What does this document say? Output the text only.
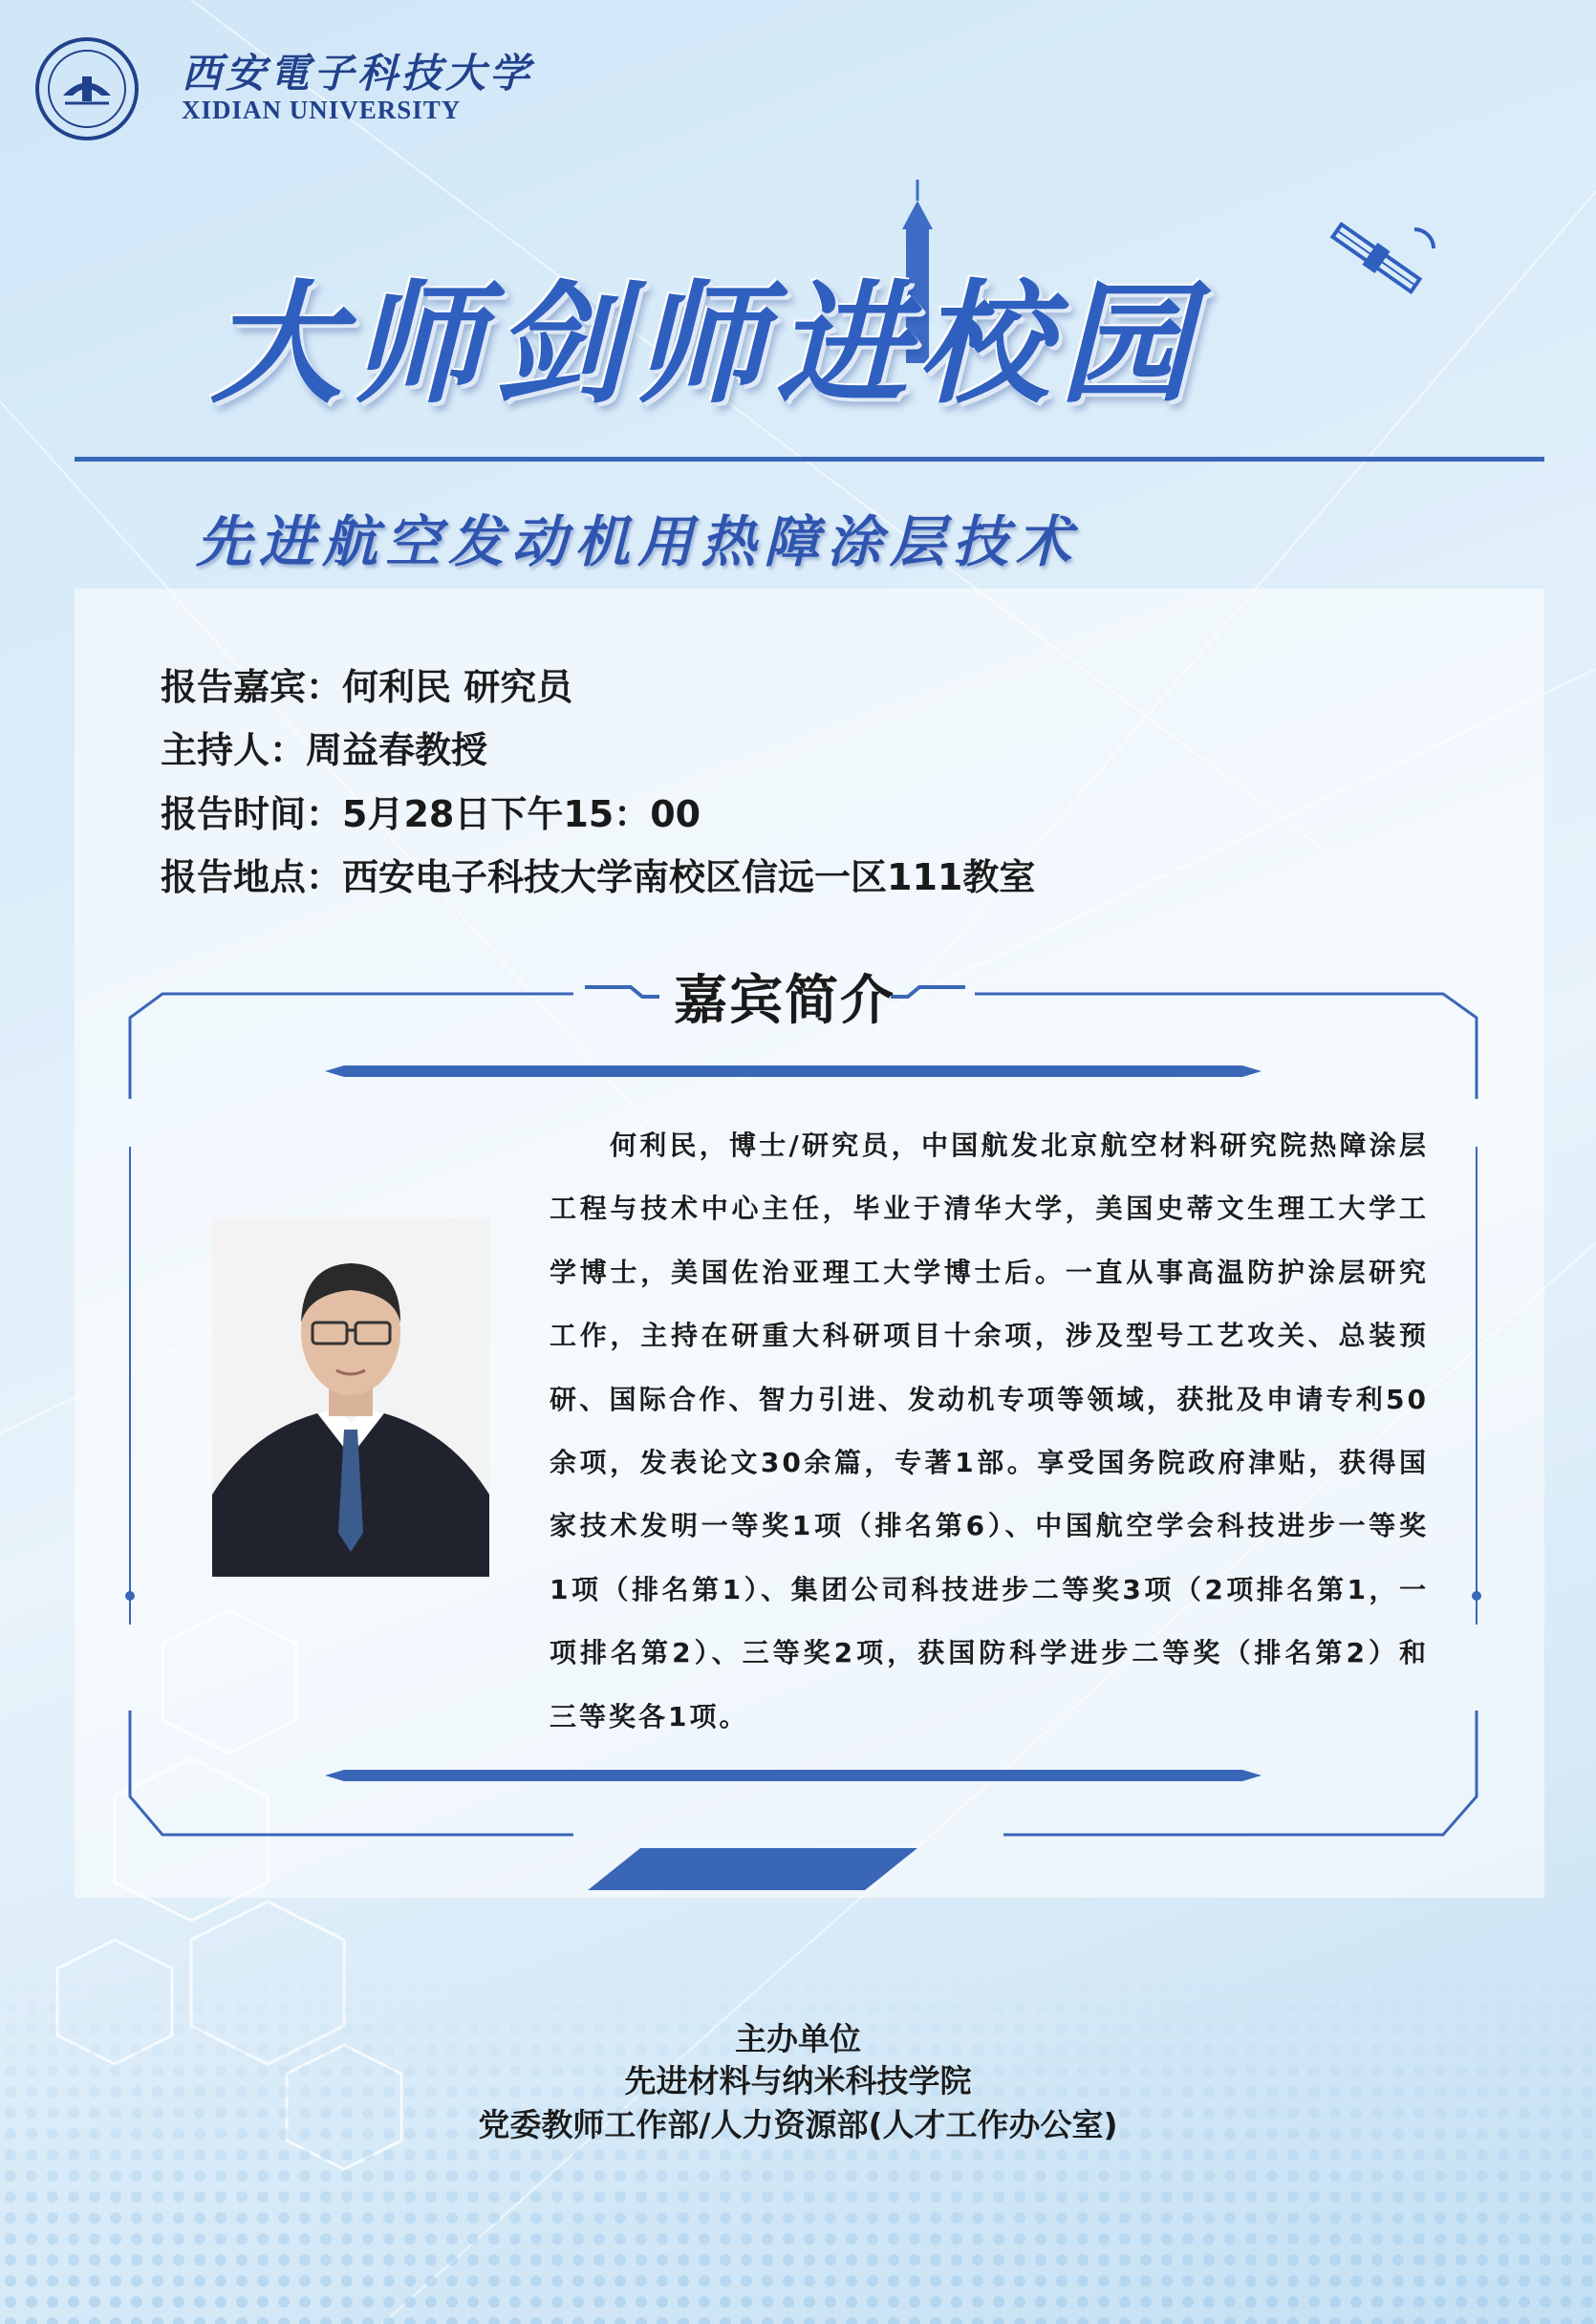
西安電子科技大学
XIDIAN UNIVERSITY
大师剑师进校园
先进航空发动机用热障涂层技术
报告嘉宾：何利民 研究员
主持人：周益春教授
报告时间：5月28日下午15：00
报告地点：西安电子科技大学南校区信远一区111教室
嘉宾简介
何利民，博士/研究员，中国航发北京航空材料研究院热障涂层工程与技术中心主任，毕业于清华大学，美国史蒂文生理工大学工学博士，美国佐治亚理工大学博士后。一直从事高温防护涂层研究工作，主持在研重大科研项目十余项，涉及型号工艺攻关、总装预研、国际合作、智力引进、发动机专项等领域，获批及申请专利50余项，发表论文30余篇，专著1部。享受国务院政府津贴，获得国家技术发明一等奖1项（排名第6）、中国航空学会科技进步一等奖1项（排名第1）、集团公司科技进步二等奖3项（2项排名第1，一项排名第2）、三等奖2项，获国防科学进步二等奖（排名第2）和三等奖各1项。
主办单位
先进材料与纳米科技学院
党委教师工作部/人力资源部(人才工作办公室)
